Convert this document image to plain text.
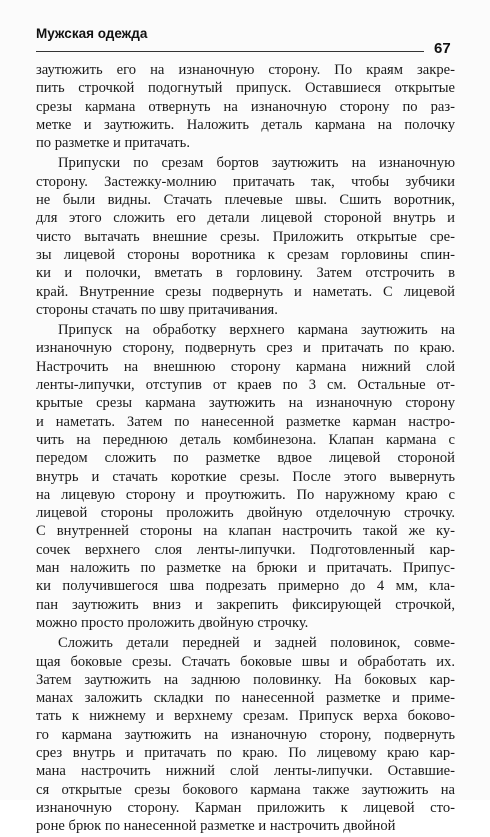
Мужская одежда
67
заутюжить его на изнаночную сторону. По краям закре-
пить строчкой подогнутый припуск. Оставшиеся открытые
срезы кармана отвернуть на изнаночную сторону по раз-
метке и заутюжить. Наложить деталь кармана на полочку
по разметке и притачать.
Припуски по срезам бортов заутюжить на изнаночную
сторону. Застежку-молнию притачать так, чтобы зубчики
не были видны. Стачать плечевые швы. Сшить воротник,
для этого сложить его детали лицевой стороной внутрь и
чисто вытачать внешние срезы. Приложить открытые сре-
зы лицевой стороны воротника к срезам горловины спин-
ки и полочки, вметать в горловину. Затем отстрочить в
край. Внутренние срезы подвернуть и наметать. С лицевой
стороны стачать по шву притачивания.
Припуск на обработку верхнего кармана заутюжить на
изнаночную сторону, подвернуть срез и притачать по краю.
Настрочить на внешнюю сторону кармана нижний слой
ленты-липучки, отступив от краев по 3 см. Остальные от-
крытые срезы кармана заутюжить на изнаночную сторону
и наметать. Затем по нанесенной разметке карман настро-
чить на переднюю деталь комбинезона. Клапан кармана с
передом сложить по разметке вдвое лицевой стороной
внутрь и стачать короткие срезы. После этого вывернуть
на лицевую сторону и проутюжить. По наружному краю с
лицевой стороны проложить двойную отделочную строчку.
С внутренней стороны на клапан настрочить такой же ку-
сочек верхнего слоя ленты-липучки. Подготовленный кар-
ман наложить по разметке на брюки и притачать. Припус-
ки получившегося шва подрезать примерно до 4 мм, кла-
пан заутюжить вниз и закрепить фиксирующей строчкой,
можно просто проложить двойную строчку.
Сложить детали передней и задней половинок, совме-
щая боковые срезы. Стачать боковые швы и обработать их.
Затем заутюжить на заднюю половинку. На боковых кар-
манах заложить складки по нанесенной разметке и приме-
тать к нижнему и верхнему срезам. Припуск верха боково-
го кармана заутюжить на изнаночную сторону, подвернуть
срез внутрь и притачать по краю. По лицевому краю кар-
мана настрочить нижний слой ленты-липучки. Оставшие-
ся открытые срезы бокового кармана также заутюжить на
изнаночную сторону. Карман приложить к лицевой сто-
роне брюк по нанесенной разметке и настрочить двойной
